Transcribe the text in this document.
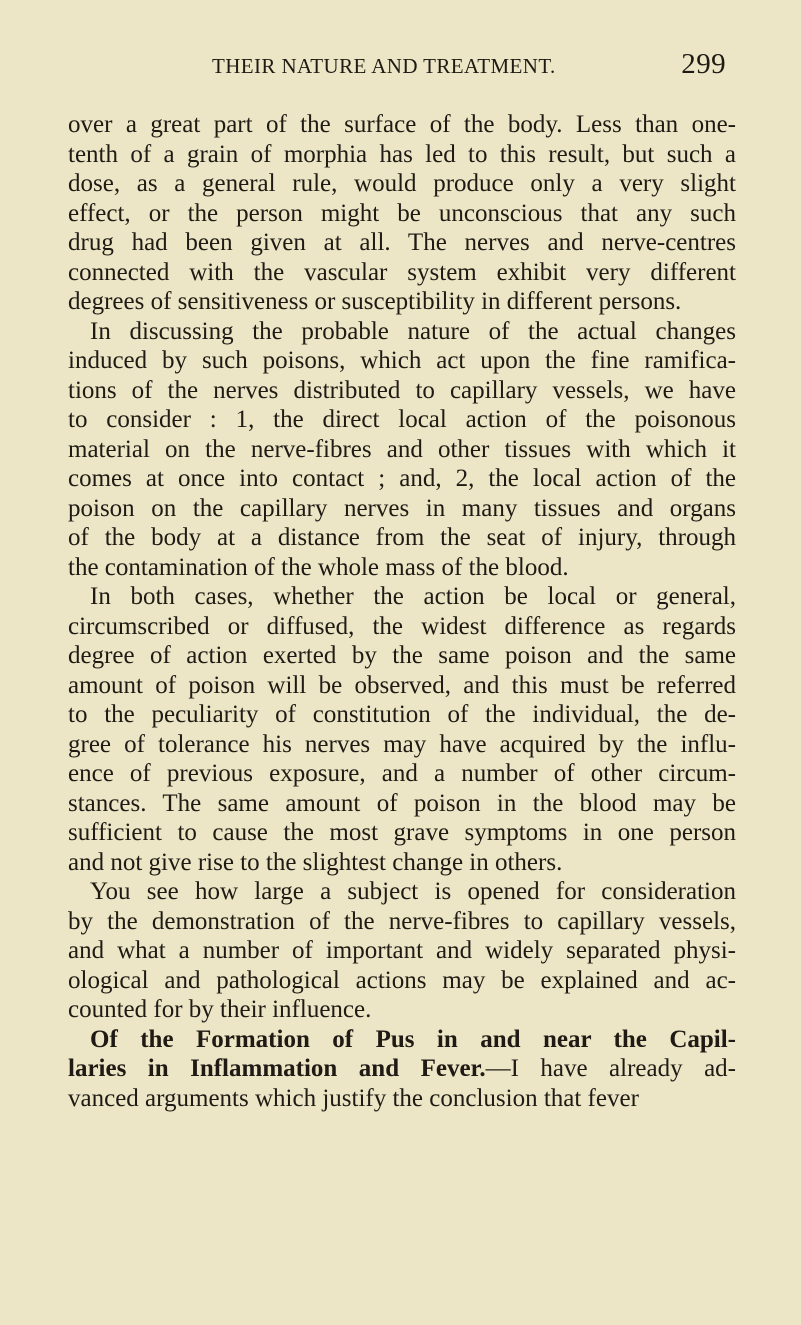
THEIR NATURE AND TREATMENT.	299
over a great part of the surface of the body. Less than one-
tenth of a grain of morphia has led to this result, but such a
dose, as a general rule, would produce only a very slight
effect, or the person might be unconscious that any such
drug had been given at all. The nerves and nerve-centres
connected with the vascular system exhibit very different
degrees of sensitiveness or susceptibility in different persons.
In discussing the probable nature of the actual changes
induced by such poisons, which act upon the fine ramifica-
tions of the nerves distributed to capillary vessels, we have
to consider : 1, the direct local action of the poisonous
material on the nerve-fibres and other tissues with which it
comes at once into contact ; and, 2, the local action of the
poison on the capillary nerves in many tissues and organs
of the body at a distance from the seat of injury, through
the contamination of the whole mass of the blood.
In both cases, whether the action be local or general,
circumscribed or diffused, the widest difference as regards
degree of action exerted by the same poison and the same
amount of poison will be observed, and this must be referred
to the peculiarity of constitution of the individual, the de-
gree of tolerance his nerves may have acquired by the influ-
ence of previous exposure, and a number of other circum-
stances. The same amount of poison in the blood may be
sufficient to cause the most grave symptoms in one person
and not give rise to the slightest change in others.
You see how large a subject is opened for consideration
by the demonstration of the nerve-fibres to capillary vessels,
and what a number of important and widely separated physi-
ological and pathological actions may be explained and ac-
counted for by their influence.
Of the Formation of Pus in and near the Capil-
laries in Inflammation and Fever.—I have already ad-
vanced arguments which justify the conclusion that fever
